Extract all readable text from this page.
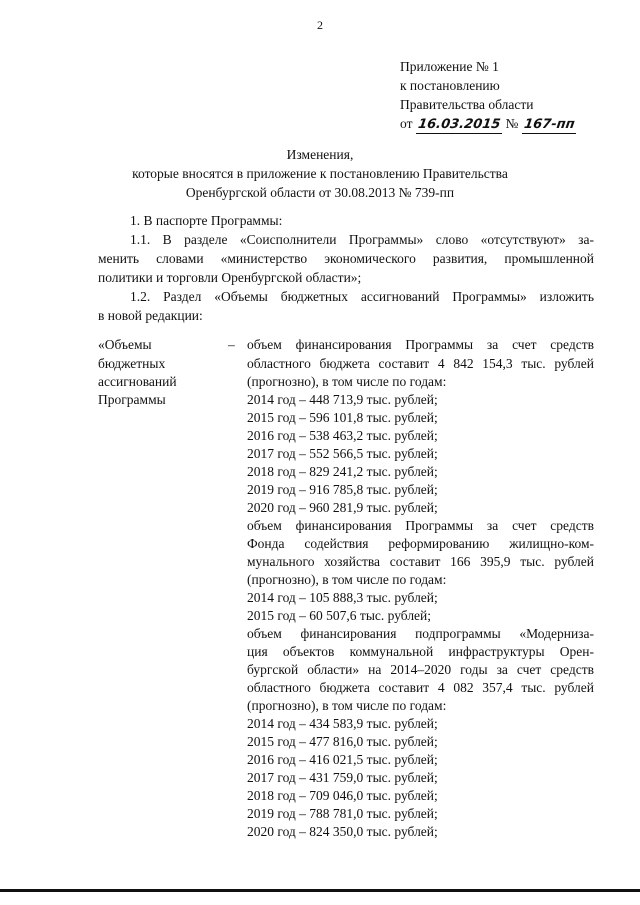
2
Приложение № 1
к постановлению
Правительства области
от 16.03.2015 № 167-пп
Изменения,
которые вносятся в приложение к постановлению Правительства
Оренбургской области от 30.08.2013 № 739-пп
1. В паспорте Программы:
1.1. В разделе «Соисполнители Программы» слово «отсутствуют» за-
менить словами «министерство экономического развития, промышленной
политики и торговли Оренбургской области»;
1.2. Раздел «Объемы бюджетных ассигнований Программы» изложить
в новой редакции:
«Объемы
бюджетных
ассигнований
Программы
– объем финансирования Программы за счет средств
областного бюджета составит 4 842 154,3 тыс. рублей
(прогнозно), в том числе по годам:
2014 год – 448 713,9 тыс. рублей;
2015 год – 596 101,8 тыс. рублей;
2016 год – 538 463,2 тыс. рублей;
2017 год – 552 566,5 тыс. рублей;
2018 год – 829 241,2 тыс. рублей;
2019 год – 916 785,8 тыс. рублей;
2020 год – 960 281,9 тыс. рублей;
объем финансирования Программы за счет средств
Фонда содействия реформированию жилищно-ком-
мунального хозяйства составит 166 395,9 тыс. рублей
(прогнозно), в том числе по годам:
2014 год – 105 888,3 тыс. рублей;
2015 год – 60 507,6 тыс. рублей;
объем финансирования подпрограммы «Модерниза-
ция объектов коммунальной инфраструктуры Орен-
бургской области» на 2014–2020 годы за счет средств
областного бюджета составит 4 082 357,4 тыс. рублей
(прогнозно), в том числе по годам:
2014 год – 434 583,9 тыс. рублей;
2015 год – 477 816,0 тыс. рублей;
2016 год – 416 021,5 тыс. рублей;
2017 год – 431 759,0 тыс. рублей;
2018 год – 709 046,0 тыс. рублей;
2019 год – 788 781,0 тыс. рублей;
2020 год – 824 350,0 тыс. рублей;
